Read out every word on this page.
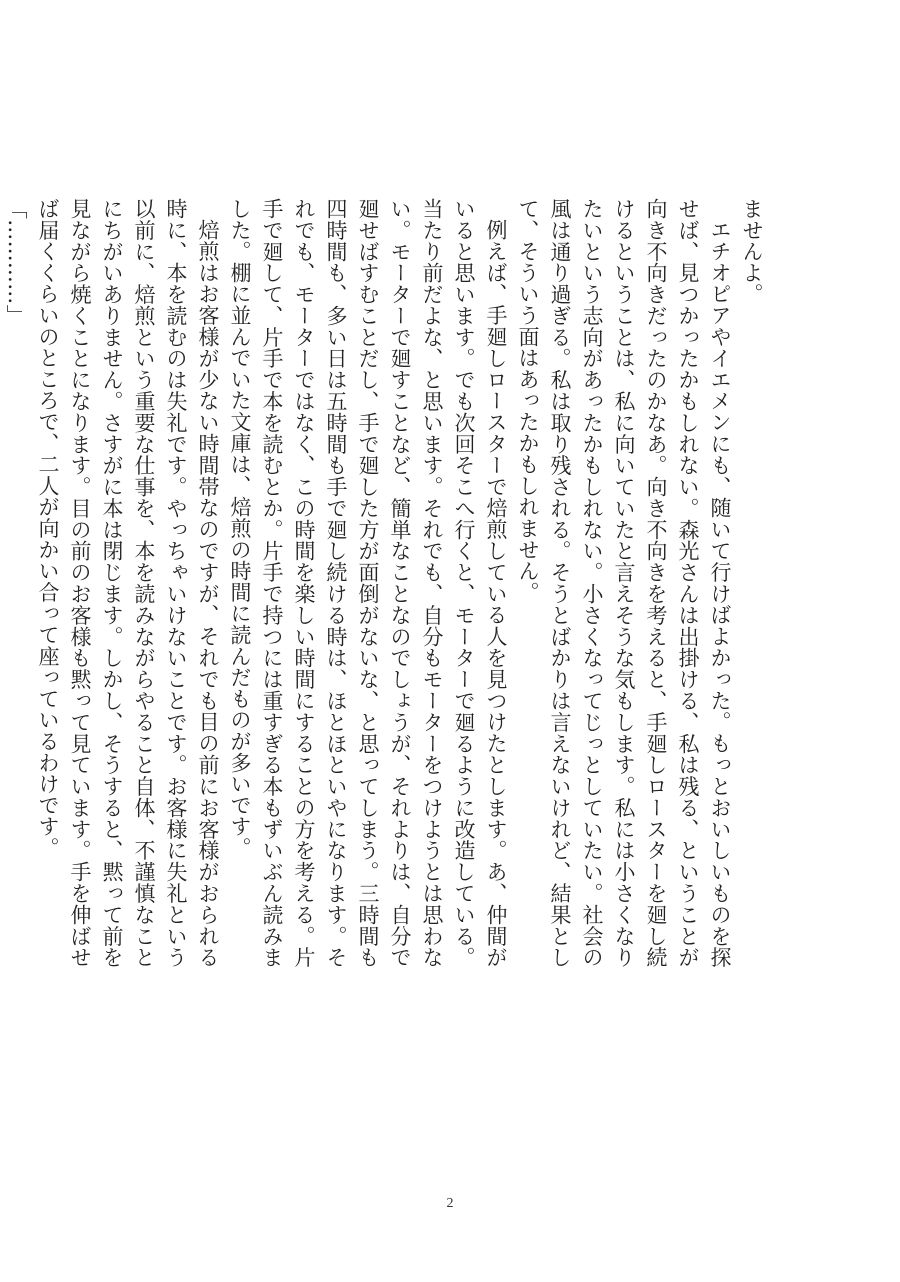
ませんよ。

エチオピアやイエメンにも、随いて行けばよかった。もっとおいしいものを探せば、見つかったかもしれない。森光さんは出掛ける、私は残る、ということが向き不向きだったのかなあ。向き不向きを考えると、手廻しロースターを廻し続けるということは、私に向いていたと言えそうな気もします。私には小さくなりたいという志向があったかもしれない。小さくなってじっとしていたい。社会の風は通り過ぎる。私は取り残される。そうとばかりは言えないけれど、結果として、そういう面はあったかもしれません。

例えば、手廻しロースターで焙煎している人を見つけたとします。あ、仲間がいると思います。でも次回そこへ行くと、モーターで廻るように改造している。当たり前だよな、と思います。それでも、自分もモーターをつけようとは思わない。モーターで廻すことなど、簡単なことなのでしょうが、それよりは、自分で廻せばすむことだし、手で廻した方が面倒がないな、と思ってしまう。三時間も四時間も、多い日は五時間も手で廻し続ける時は、ほとほといやになります。それでも、モーターではなく、この時間を楽しい時間にすることの方を考える。片手で廻して、片手で本を読むとか。片手で持つには重すぎる本もずいぶん読みました。棚に並んでいた文庫は、焙煎の時間に読んだものが多いです。

焙煎はお客様が少ない時間帯なのですが、それでも目の前にお客様がおられる時に、本を読むのは失礼です。やっちゃいけないことです。お客様に失礼という以前に、焙煎という重要な仕事を、本を読みながらやること自体、不謹慎なことにちがいありません。さすがに本は閉じます。しかし、そうすると、黙って前を見ながら焼くことになります。目の前のお客様も黙って見ています。手を伸ばせば届くくらいのところで、二人が向かい合って座っているわけです。

「…………」

2
